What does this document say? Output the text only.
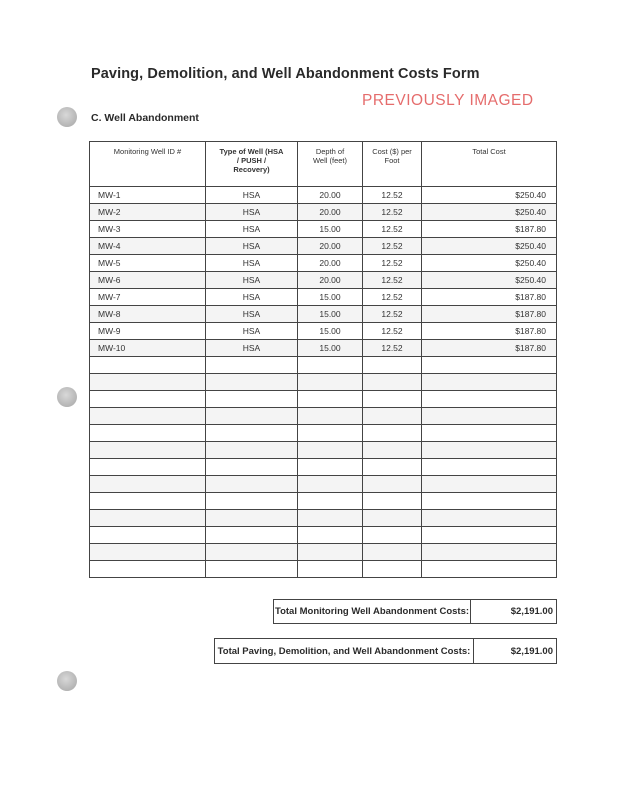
Paving, Demolition, and Well Abandonment Costs Form
PREVIOUSLY IMAGED
C. Well Abandonment
Monitoring Well ID #	Type of Well (HSA / PUSH / Recovery)	Depth of Well (feet)	Cost ($) per Foot	Total Cost
MW-1	HSA	20.00	12.52	$250.40
MW-2	HSA	20.00	12.52	$250.40
MW-3	HSA	15.00	12.52	$187.80
MW-4	HSA	20.00	12.52	$250.40
MW-5	HSA	20.00	12.52	$250.40
MW-6	HSA	20.00	12.52	$250.40
MW-7	HSA	15.00	12.52	$187.80
MW-8	HSA	15.00	12.52	$187.80
MW-9	HSA	15.00	12.52	$187.80
MW-10	HSA	15.00	12.52	$187.80

Total Monitoring Well Abandonment Costs:	$2,191.00
Total Paving, Demolition, and Well Abandonment Costs:	$2,191.00
